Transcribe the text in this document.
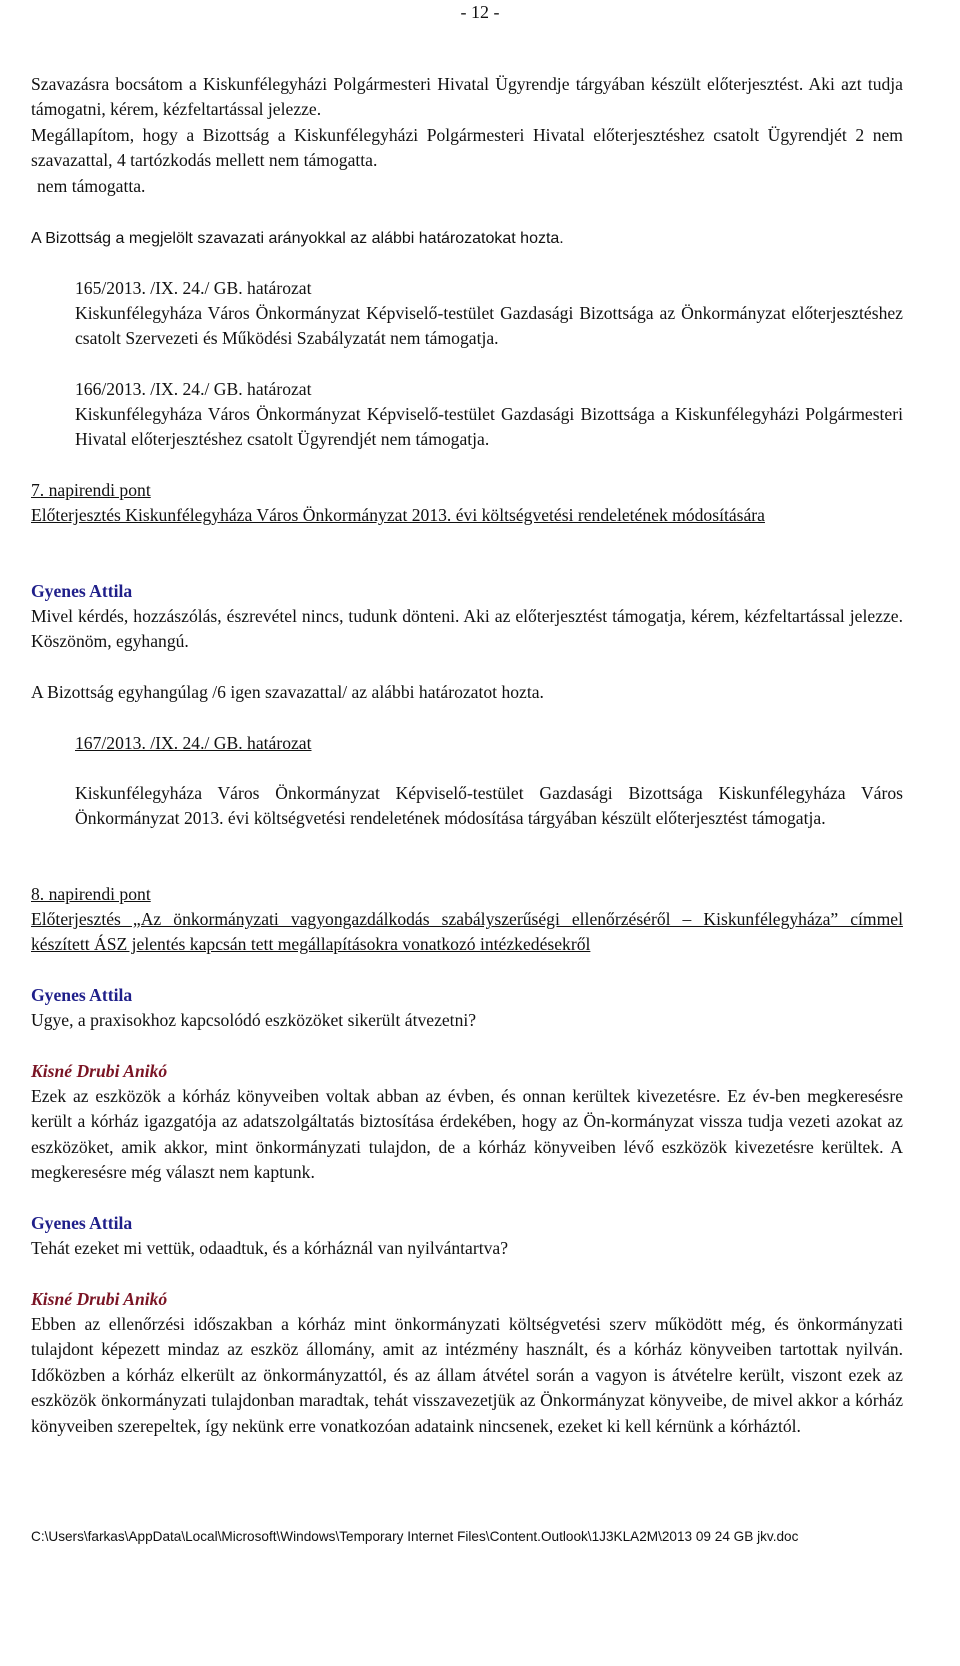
- 12 -
Szavazásra bocsátom a Kiskunfélegyházi Polgármesteri Hivatal Ügyrendje tárgyában készült előterjesztést. Aki azt tudja támogatni, kérem, kézfeltartással jelezze.
Megállapítom, hogy a Bizottság a Kiskunfélegyházi Polgármesteri Hivatal előterjesztéshez csatolt Ügyrendjét 2 nem szavazattal, 4 tartózkodás mellett nem támogatta.
nem támogatta.
A Bizottság a megjelölt szavazati arányokkal az alábbi határozatokat hozta.
165/2013. /IX. 24./ GB. határozat
Kiskunfélegyháza Város Önkormányzat Képviselő-testület Gazdasági Bizottsága az Önkormányzat előterjesztéshez csatolt Szervezeti és Működési Szabályzatát nem támogatja.
166/2013. /IX. 24./ GB. határozat
Kiskunfélegyháza Város Önkormányzat Képviselő-testület Gazdasági Bizottsága a Kiskunfélegyházi Polgármesteri Hivatal előterjesztéshez csatolt Ügyrendjét nem támogatja.
7. napirendi pont
Előterjesztés Kiskunfélegyháza Város Önkormányzat 2013. évi költségvetési rendeletének módosítására
Gyenes Attila
Mivel kérdés, hozzászólás, észrevétel nincs, tudunk dönteni. Aki az előterjesztést támogatja, kérem, kézfeltartással jelezze. Köszönöm, egyhangú.
A Bizottság egyhangúlag /6 igen szavazattal/ az alábbi határozatot hozta.
167/2013. /IX. 24./ GB. határozat
Kiskunfélegyháza Város Önkormányzat Képviselő-testület Gazdasági Bizottsága Kiskunfélegyháza Város Önkormányzat 2013. évi költségvetési rendeletének módosítása tárgyában készült előterjesztést támogatja.
8. napirendi pont
Előterjesztés „Az önkormányzati vagyongazdálkodás szabályszerűségi ellenőrzéséről – Kiskunfélegyháza” címmel készített ÁSZ jelentés kapcsán tett megállapításokra vonatkozó intézkedésekről
Gyenes Attila
Ugye, a praxisokhoz kapcsolódó eszközöket sikerült átvezetni?
Kisné Drubi Anikó
Ezek az eszközök a kórház könyveiben voltak abban az évben, és onnan kerültek kivezetésre. Ez év-ben megkeresésre került a kórház igazgatója az adatszolgáltatás biztosítása érdekében, hogy az Ön-kormányzat vissza tudja vezeti azokat az eszközöket, amik akkor, mint önkormányzati tulajdon, de a kórház könyveiben lévő eszközök kivezetésre kerültek. A megkeresésre még választ nem kaptunk.
Gyenes Attila
Tehát ezeket mi vettük, odaadtuk, és a kórháznál van nyilvántartva?
Kisné Drubi Anikó
Ebben az ellenőrzési időszakban a kórház mint önkormányzati költségvetési szerv működött még, és önkormányzati tulajdont képezett mindaz az eszköz állomány, amit az intézmény használt, és a kórház könyveiben tartottak nyilván. Időközben a kórház elkerült az önkormányzattól, és az állam átvétel során a vagyon is átvételre került, viszont ezek az eszközök önkormányzati tulajdonban maradtak, tehát visszavezetjük az Önkormányzat könyveibe, de mivel akkor a kórház könyveiben szerepeltek, így nekünk erre vonatkozóan adataink nincsenek, ezeket ki kell kérnünk a kórháztól.
C:\Users\farkas\AppData\Local\Microsoft\Windows\Temporary Internet Files\Content.Outlook\1J3KLA2M\2013 09 24 GB jkv.doc
